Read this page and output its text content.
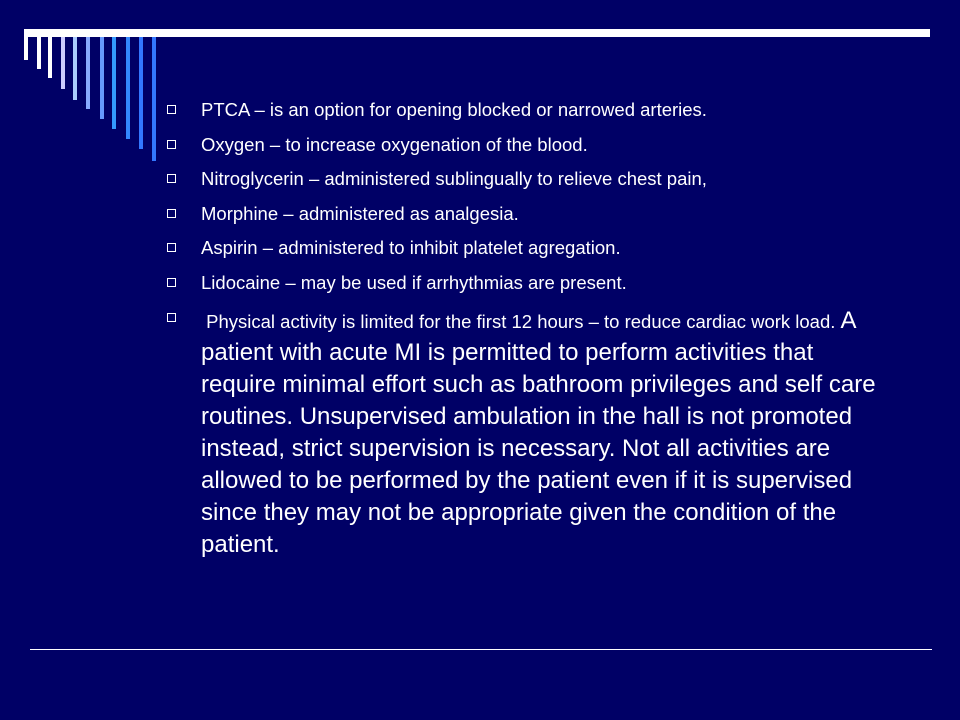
PTCA – is an option for opening blocked or narrowed arteries.
Oxygen – to increase oxygenation of the blood.
Nitroglycerin – administered sublingually to relieve chest pain,
Morphine – administered as analgesia.
Aspirin – administered to inhibit platelet agregation.
Lidocaine – may be used if arrhythmias are present.
Physical activity is limited for the first 12 hours – to reduce cardiac work load. A patient with acute MI is permitted to perform activities that require minimal effort such as bathroom privileges and self care routines. Unsupervised ambulation in the hall is not promoted instead, strict supervision is necessary. Not all activities are allowed to be performed by the patient even if it is supervised since they may not be appropriate given the condition of the patient.
